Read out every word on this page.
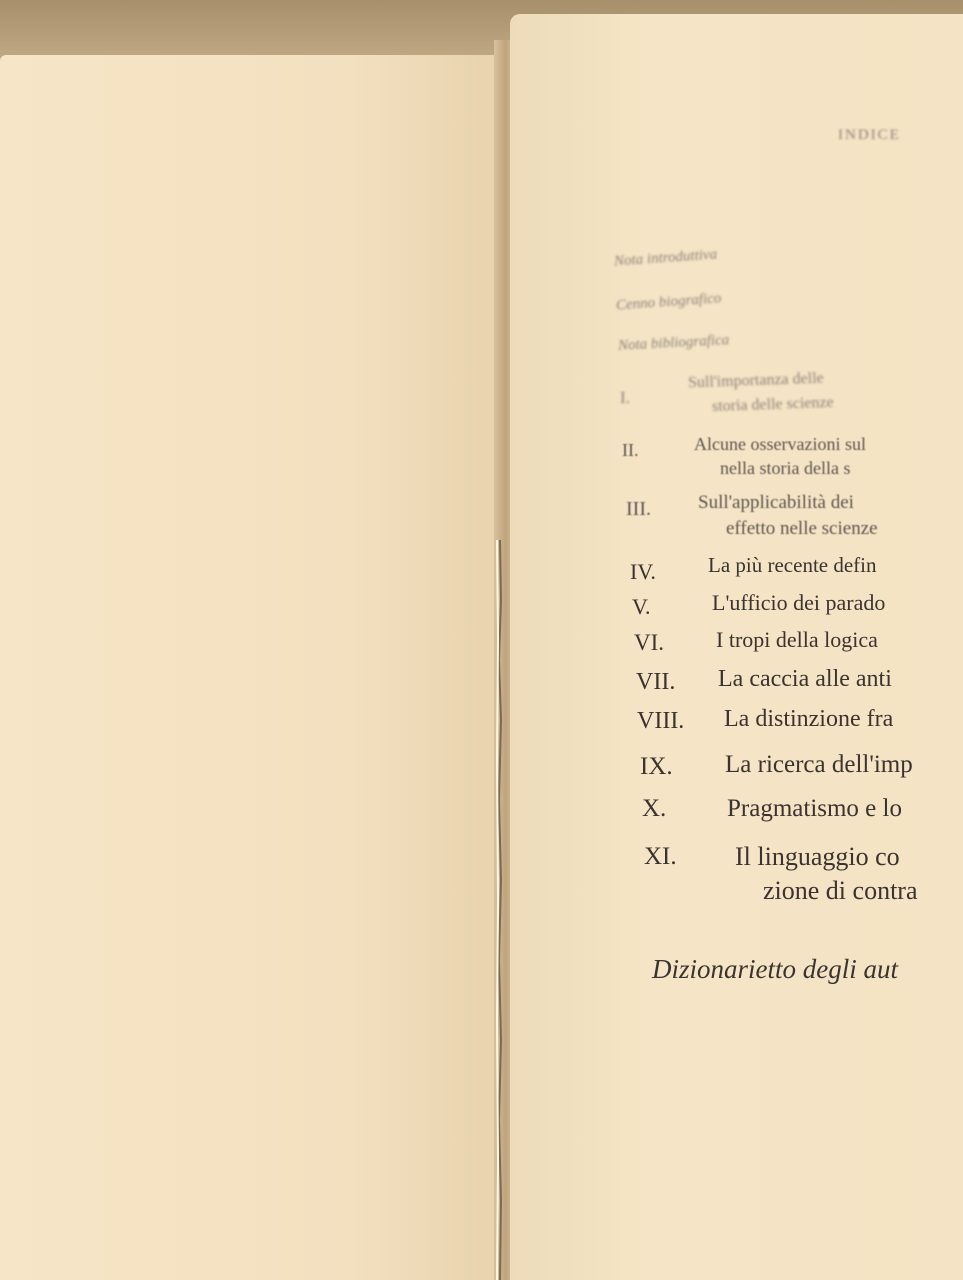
INDICE
Nota introduttiva
Cenno biografico
Nota bibliografica
I.
Sull'importanza delle
storia delle scienze
II.	Alcune osservazioni sul
nella storia della s
III. Sull'applicabilità dei
effetto nelle scienze
IV. La più recente defin
V.	L'ufficio dei parado
VI. I tropi della logica
VII. La caccia alle anti
VIII. La distinzione fra
IX. La ricerca dell'imp
X. Pragmatismo e lo
XI. Il linguaggio co
zione di contra
Dizionarietto degli aut
